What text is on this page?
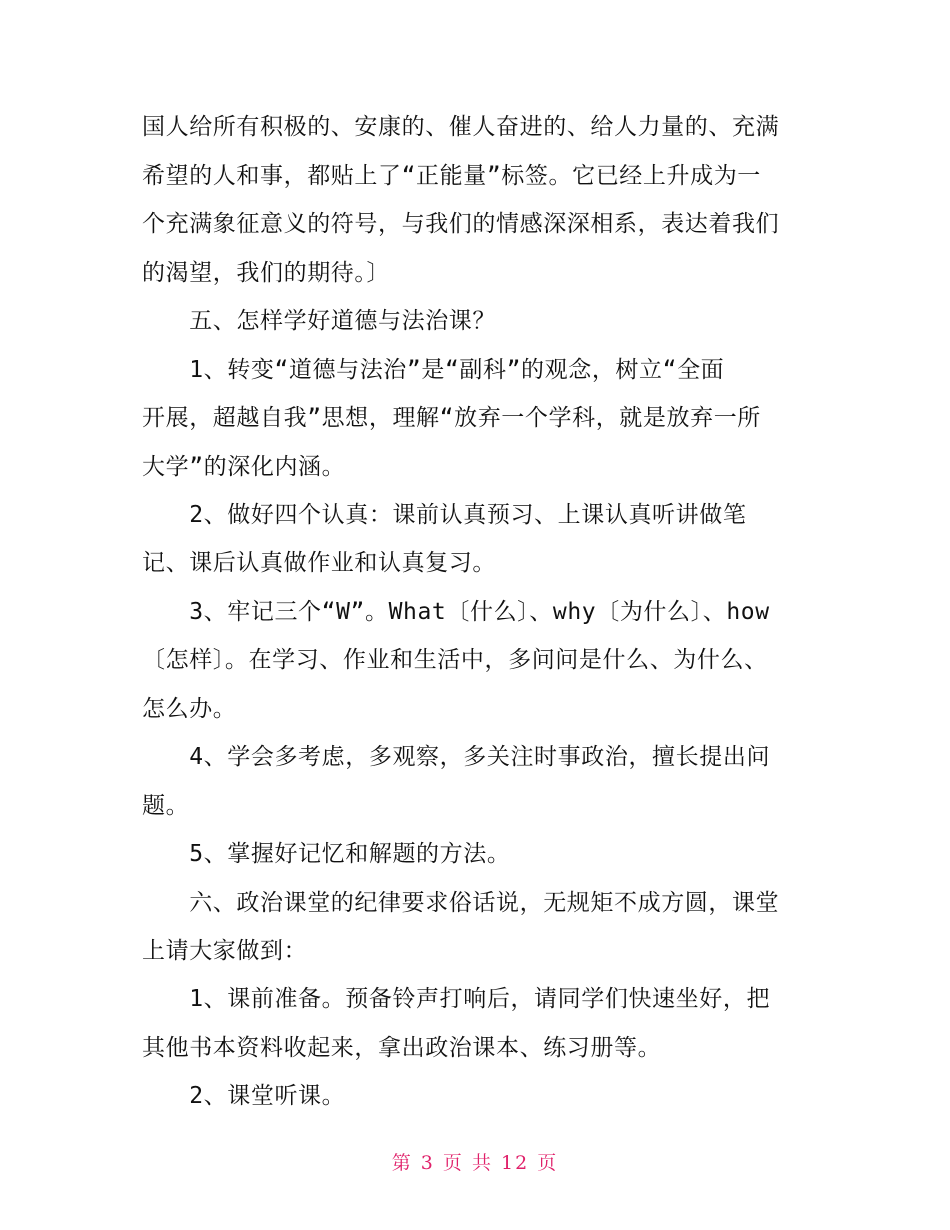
国人给所有积极的、安康的、催人奋进的、给人力量的、充满
希望的人和事，都贴上了“正能量”标签。它已经上升成为一
个充满象征意义的符号，与我们的情感深深相系，表达着我们
的渴望，我们的期待。〕
　　五、怎样学好道德与法治课？
　　1、转变“道德与法治”是“副科”的观念，树立“全面
开展，超越自我”思想，理解“放弃一个学科，就是放弃一所
大学”的深化内涵。
　　2、做好四个认真：课前认真预习、上课认真听讲做笔
记、课后认真做作业和认真复习。
　　3、牢记三个“W”。What〔什么〕、why〔为什么〕、how
〔怎样〕。在学习、作业和生活中，多问问是什么、为什么、
怎么办。
　　4、学会多考虑，多观察，多关注时事政治，擅长提出问
题。
　　5、掌握好记忆和解题的方法。
　　六、政治课堂的纪律要求俗话说，无规矩不成方圆，课堂
上请大家做到：
　　1、课前准备。预备铃声打响后，请同学们快速坐好，把
其他书本资料收起来，拿出政治课本、练习册等。
　　2、课堂听课。
第 3 页 共 12 页
